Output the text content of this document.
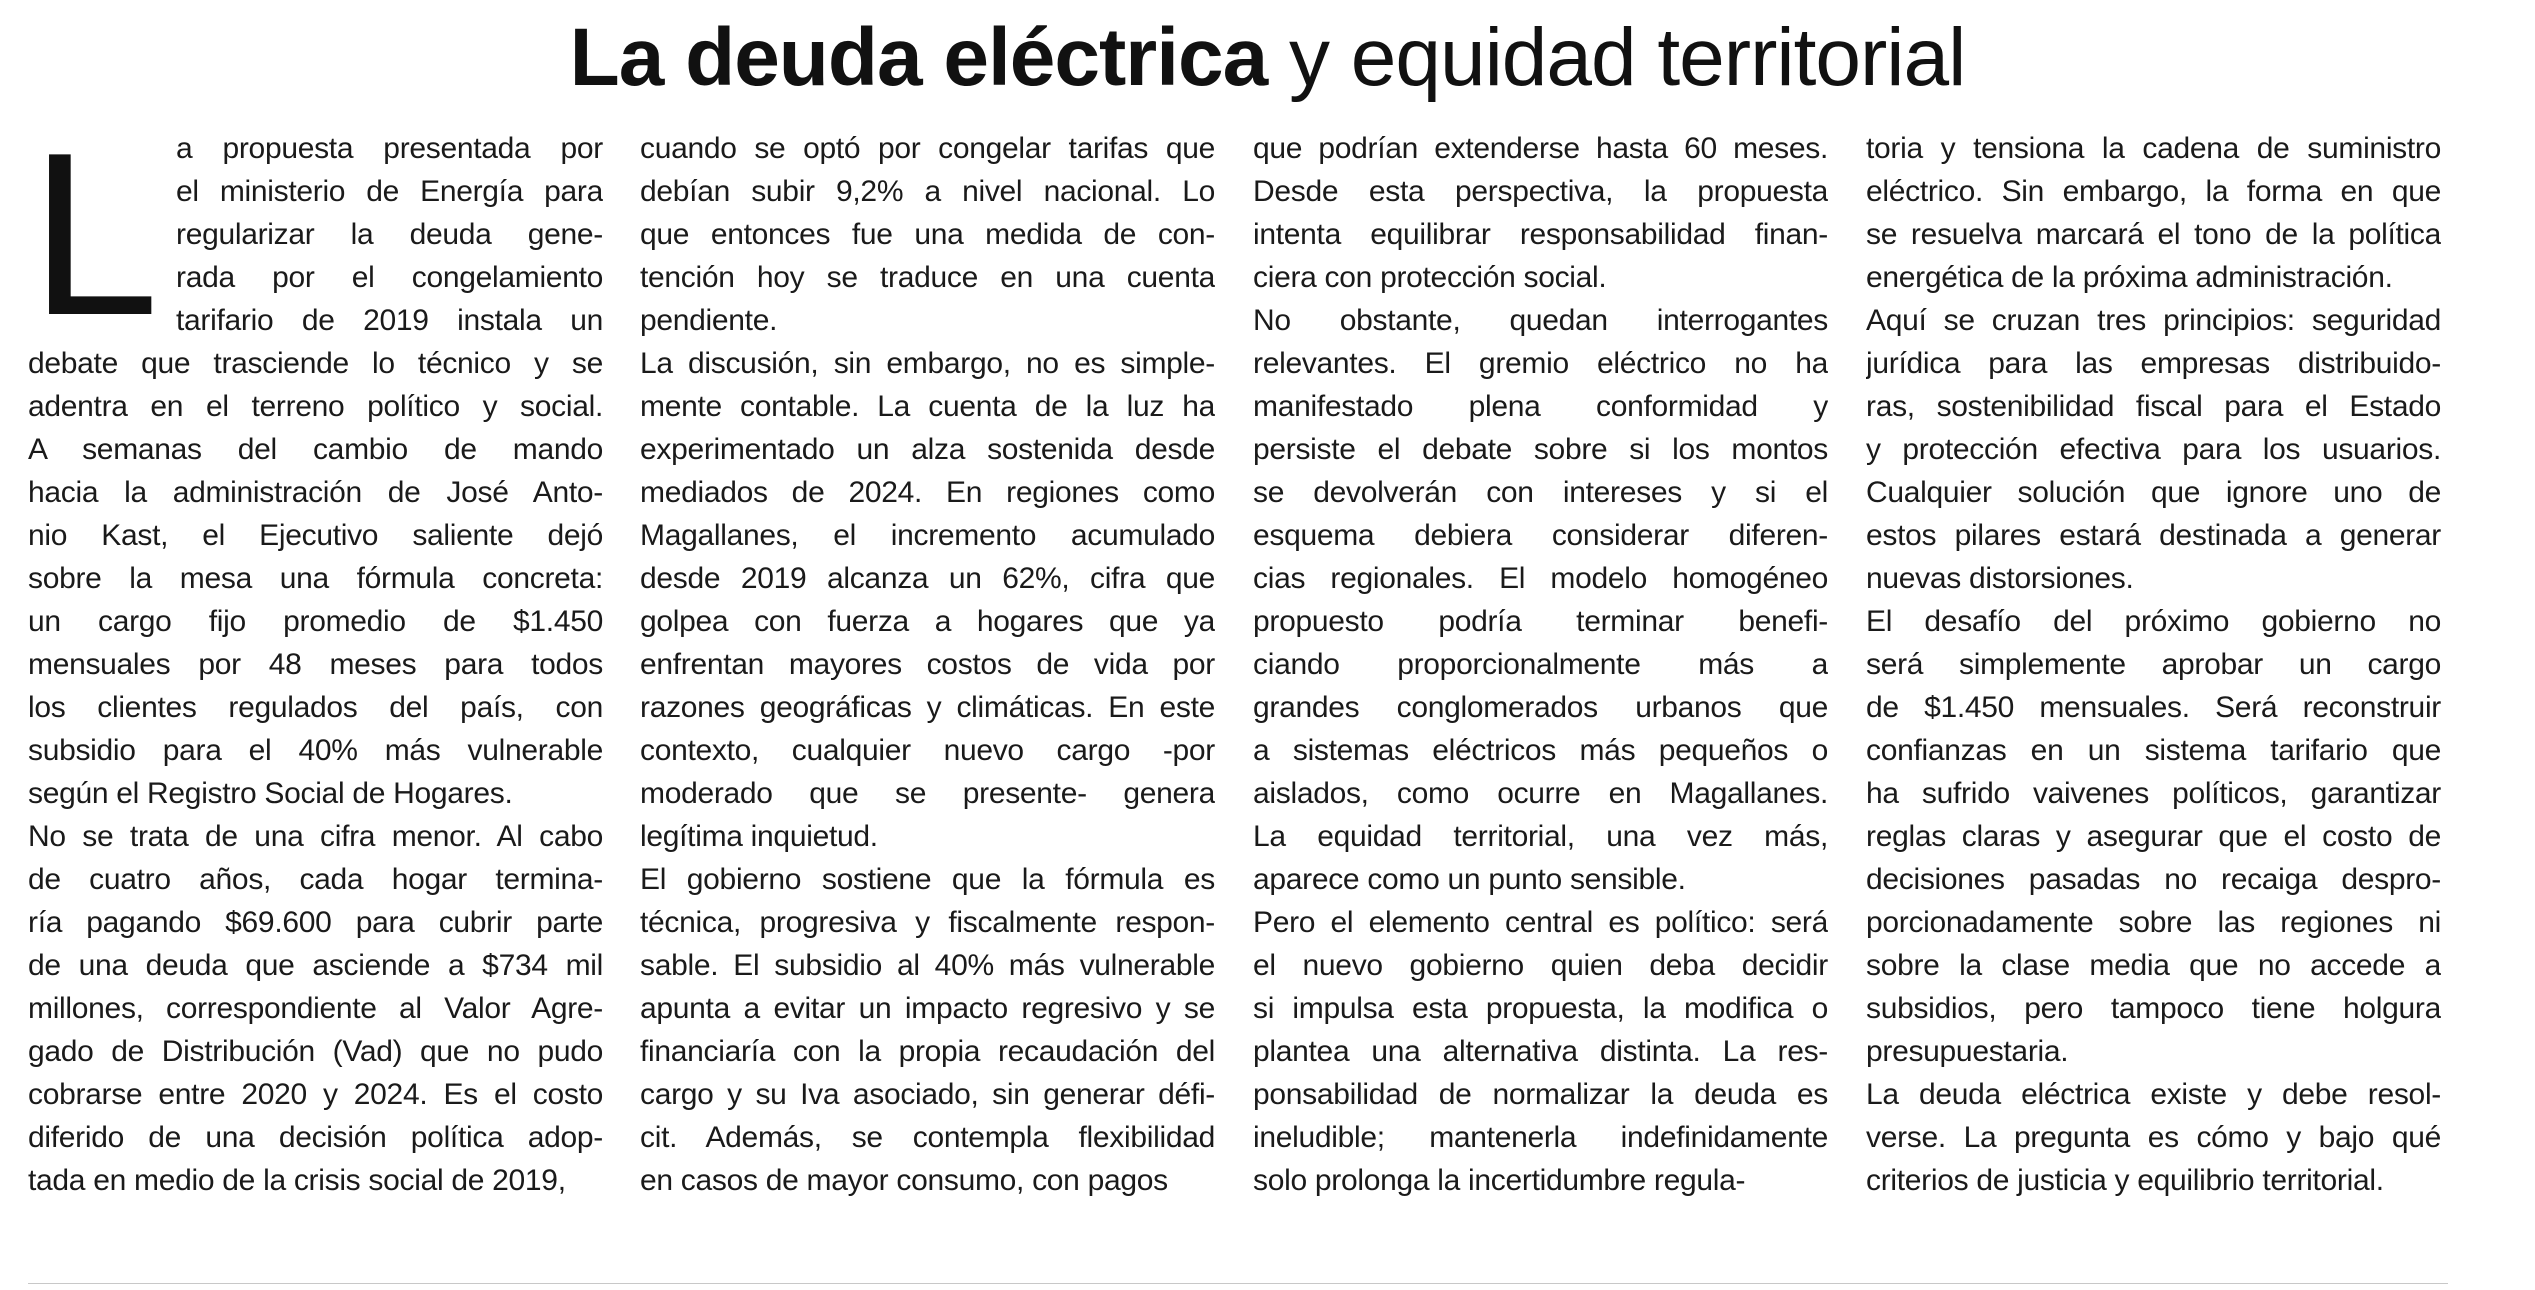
La deuda eléctrica y equidad territorial
L a propuesta presentada por
el ministerio de Energía para
regularizar la deuda gene-
rada por el congelamiento
tarifario de 2019 instala un
debate que trasciende lo técnico y se
adentra en el terreno político y social.
A semanas del cambio de mando
hacia la administración de José Anto-
nio Kast, el Ejecutivo saliente dejó
sobre la mesa una fórmula concreta:
un cargo fijo promedio de $1.450
mensuales por 48 meses para todos
los clientes regulados del país, con
subsidio para el 40% más vulnerable
según el Registro Social de Hogares.
No se trata de una cifra menor. Al cabo
de cuatro años, cada hogar termina-
ría pagando $69.600 para cubrir parte
de una deuda que asciende a $734 mil
millones, correspondiente al Valor Agre-
gado de Distribución (Vad) que no pudo
cobrarse entre 2020 y 2024. Es el costo
diferido de una decisión política adop-
tada en medio de la crisis social de 2019,
cuando se optó por congelar tarifas que
debían subir 9,2% a nivel nacional. Lo
que entonces fue una medida de con-
tención hoy se traduce en una cuenta
pendiente.
La discusión, sin embargo, no es simple-
mente contable. La cuenta de la luz ha
experimentado un alza sostenida desde
mediados de 2024. En regiones como
Magallanes, el incremento acumulado
desde 2019 alcanza un 62%, cifra que
golpea con fuerza a hogares que ya
enfrentan mayores costos de vida por
razones geográficas y climáticas. En este
contexto, cualquier nuevo cargo -por
moderado que se presente- genera
legítima inquietud.
El gobierno sostiene que la fórmula es
técnica, progresiva y fiscalmente respon-
sable. El subsidio al 40% más vulnerable
apunta a evitar un impacto regresivo y se
financiaría con la propia recaudación del
cargo y su Iva asociado, sin generar défi-
cit. Además, se contempla flexibilidad
en casos de mayor consumo, con pagos
que podrían extenderse hasta 60 meses.
Desde esta perspectiva, la propuesta
intenta equilibrar responsabilidad finan-
ciera con protección social.
No obstante, quedan interrogantes
relevantes. El gremio eléctrico no ha
manifestado plena conformidad y
persiste el debate sobre si los montos
se devolverán con intereses y si el
esquema debiera considerar diferen-
cias regionales. El modelo homogéneo
propuesto podría terminar benefi-
ciando proporcionalmente más a
grandes conglomerados urbanos que
a sistemas eléctricos más pequeños o
aislados, como ocurre en Magallanes.
La equidad territorial, una vez más,
aparece como un punto sensible.
Pero el elemento central es político: será
el nuevo gobierno quien deba decidir
si impulsa esta propuesta, la modifica o
plantea una alternativa distinta. La res-
ponsabilidad de normalizar la deuda es
ineludible; mantenerla indefinidamente
solo prolonga la incertidumbre regula-
toria y tensiona la cadena de suministro
eléctrico. Sin embargo, la forma en que
se resuelva marcará el tono de la política
energética de la próxima administración.
Aquí se cruzan tres principios: seguridad
jurídica para las empresas distribuido-
ras, sostenibilidad fiscal para el Estado
y protección efectiva para los usuarios.
Cualquier solución que ignore uno de
estos pilares estará destinada a generar
nuevas distorsiones.
El desafío del próximo gobierno no
será simplemente aprobar un cargo
de $1.450 mensuales. Será reconstruir
confianzas en un sistema tarifario que
ha sufrido vaivenes políticos, garantizar
reglas claras y asegurar que el costo de
decisiones pasadas no recaiga despro-
porcionadamente sobre las regiones ni
sobre la clase media que no accede a
subsidios, pero tampoco tiene holgura
presupuestaria.
La deuda eléctrica existe y debe resol-
verse. La pregunta es cómo y bajo qué
criterios de justicia y equilibrio territorial.
